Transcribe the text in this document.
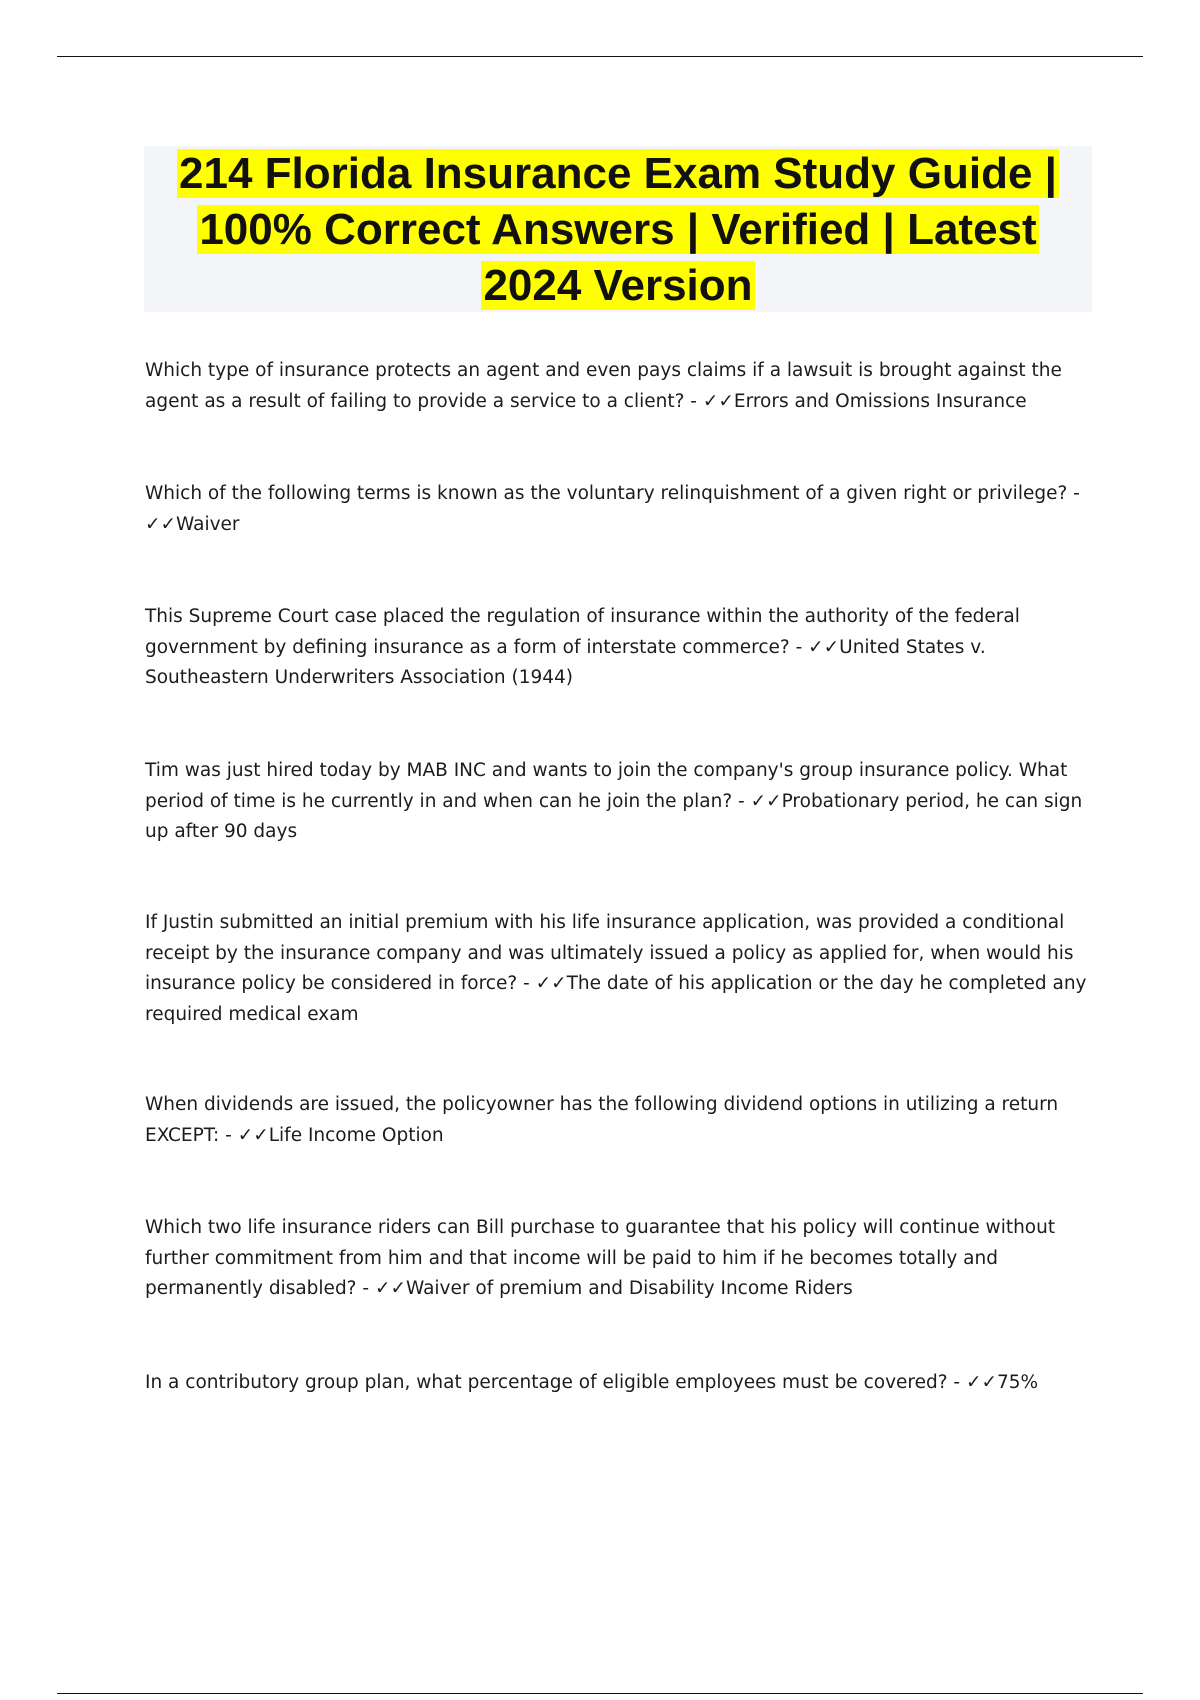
214 Florida Insurance Exam Study Guide | 100% Correct Answers | Verified | Latest 2024 Version
Which type of insurance protects an agent and even pays claims if a lawsuit is brought against the agent as a result of failing to provide a service to a client? - ✓✓Errors and Omissions Insurance
Which of the following terms is known as the voluntary relinquishment of a given right or privilege? - ✓✓Waiver
This Supreme Court case placed the regulation of insurance within the authority of the federal government by defining insurance as a form of interstate commerce? - ✓✓United States v. Southeastern Underwriters Association (1944)
Tim was just hired today by MAB INC and wants to join the company's group insurance policy. What period of time is he currently in and when can he join the plan? - ✓✓Probationary period, he can sign up after 90 days
If Justin submitted an initial premium with his life insurance application, was provided a conditional receipt by the insurance company and was ultimately issued a policy as applied for, when would his insurance policy be considered in force? - ✓✓The date of his application or the day he completed any required medical exam
When dividends are issued, the policyowner has the following dividend options in utilizing a return EXCEPT: - ✓✓Life Income Option
Which two life insurance riders can Bill purchase to guarantee that his policy will continue without further commitment from him and that income will be paid to him if he becomes totally and permanently disabled? - ✓✓Waiver of premium and Disability Income Riders
In a contributory group plan, what percentage of eligible employees must be covered? - ✓✓75%
